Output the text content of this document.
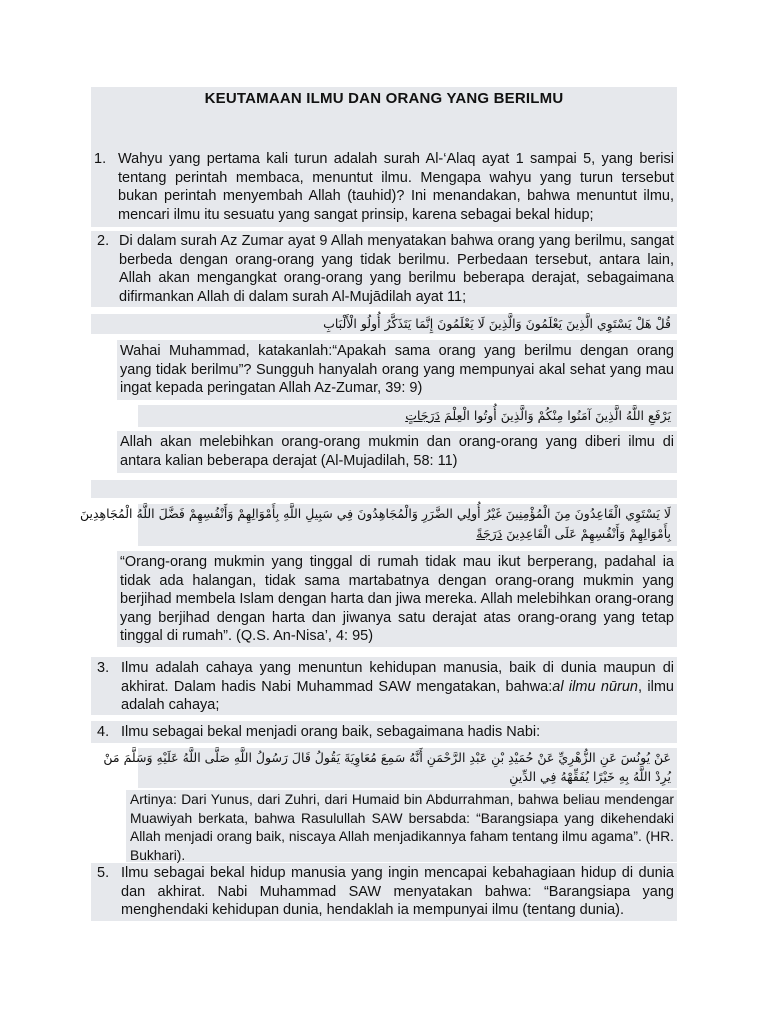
KEUTAMAAN ILMU DAN ORANG YANG BERILMU
1. Wahyu yang pertama kali turun adalah surah Al-‘Alaq ayat 1 sampai 5, yang berisi tentang perintah membaca, menuntut ilmu. Mengapa wahyu yang turun tersebut bukan perintah menyembah Allah (tauhid)? Ini menandakan, bahwa menuntut ilmu, mencari ilmu itu sesuatu yang sangat prinsip, karena sebagai bekal hidup;
2. Di dalam surah Az Zumar ayat 9 Allah menyatakan bahwa orang yang berilmu, sangat berbeda dengan orang-orang yang tidak berilmu. Perbedaan tersebut, antara lain, Allah akan mengangkat orang-orang yang berilmu beberapa derajat, sebagaimana difirmankan Allah di dalam surah Al-Mujādilah ayat 11;
قُلْ هَلْ يَسْتَوِي الَّذِينَ يَعْلَمُونَ وَالَّذِينَ لَا يَعْلَمُونَ إِنَّمَا يَتَذَكَّرُ أُولُو الْأَلْبَابِ
Wahai Muhammad, katakanlah:“Apakah sama orang yang berilmu dengan orang yang tidak berilmu”? Sungguh hanyalah orang yang mempunyai akal sehat yang mau ingat kepada peringatan Allah Az-Zumar, 39: 9)
يَرْفَعِ اللَّهُ الَّذِينَ آمَنُوا مِنْكُمْ وَالَّذِينَ أُوتُوا الْعِلْمَ دَرَجَاتٍ
Allah akan melebihkan orang-orang mukmin dan orang-orang yang diberi ilmu di antara kalian beberapa derajat (Al-Mujadilah, 58: 11)
لَا يَسْتَوِي الْقَاعِدُونَ مِنَ الْمُؤْمِنِينَ غَيْرُ أُولِي الضَّرَرِ وَالْمُجَاهِدُونَ فِي سَبِيلِ اللَّهِ بِأَمْوَالِهِمْ وَأَنْفُسِهِمْ فَضَّلَ اللَّهُ الْمُجَاهِدِينَ
بِأَمْوَالِهِمْ وَأَنْفُسِهِمْ عَلَى الْقَاعِدِينَ دَرَجَةً
“Orang-orang mukmin yang tinggal di rumah tidak mau ikut berperang, padahal ia tidak ada halangan, tidak sama martabatnya dengan orang-orang mukmin yang berjihad membela Islam dengan harta dan jiwa mereka. Allah melebihkan orang-orang yang berjihad dengan harta dan jiwanya satu derajat atas orang-orang yang tetap tinggal di rumah”. (Q.S. An-Nisa’, 4: 95)
3. Ilmu adalah cahaya yang menuntun kehidupan manusia, baik di dunia maupun di akhirat. Dalam hadis Nabi Muhammad SAW mengatakan, bahwa:al ilmu nūrun, ilmu adalah cahaya;
4. Ilmu sebagai bekal menjadi orang baik, sebagaimana hadis Nabi:
عَنْ يُونُسَ عَنِ الزُّهْرِيِّ عَنْ حُمَيْدِ بْنِ عَبْدِ الرَّحْمَنِ أَنَّهُ سَمِعَ مُعَاوِيَةَ يَقُولُ قَالَ رَسُولُ اللَّهِ صَلَّى اللَّهُ عَلَيْهِ وَسَلَّمَ مَنْ
يُرِدْ اللَّهُ بِهِ خَيْرًا يُفَقِّهْهُ فِي الدِّينِ
Artinya: Dari Yunus, dari Zuhri, dari Humaid bin Abdurrahman, bahwa beliau mendengar Muawiyah berkata, bahwa Rasulullah SAW bersabda: “Barangsiapa yang dikehendaki Allah menjadi orang baik, niscaya Allah menjadikannya faham tentang ilmu agama”. (HR. Bukhari).
5. Ilmu sebagai bekal hidup manusia yang ingin mencapai kebahagiaan hidup di dunia dan akhirat. Nabi Muhammad SAW menyatakan bahwa: “Barangsiapa yang menghendaki kehidupan dunia, hendaklah ia mempunyai ilmu (tentang dunia).
